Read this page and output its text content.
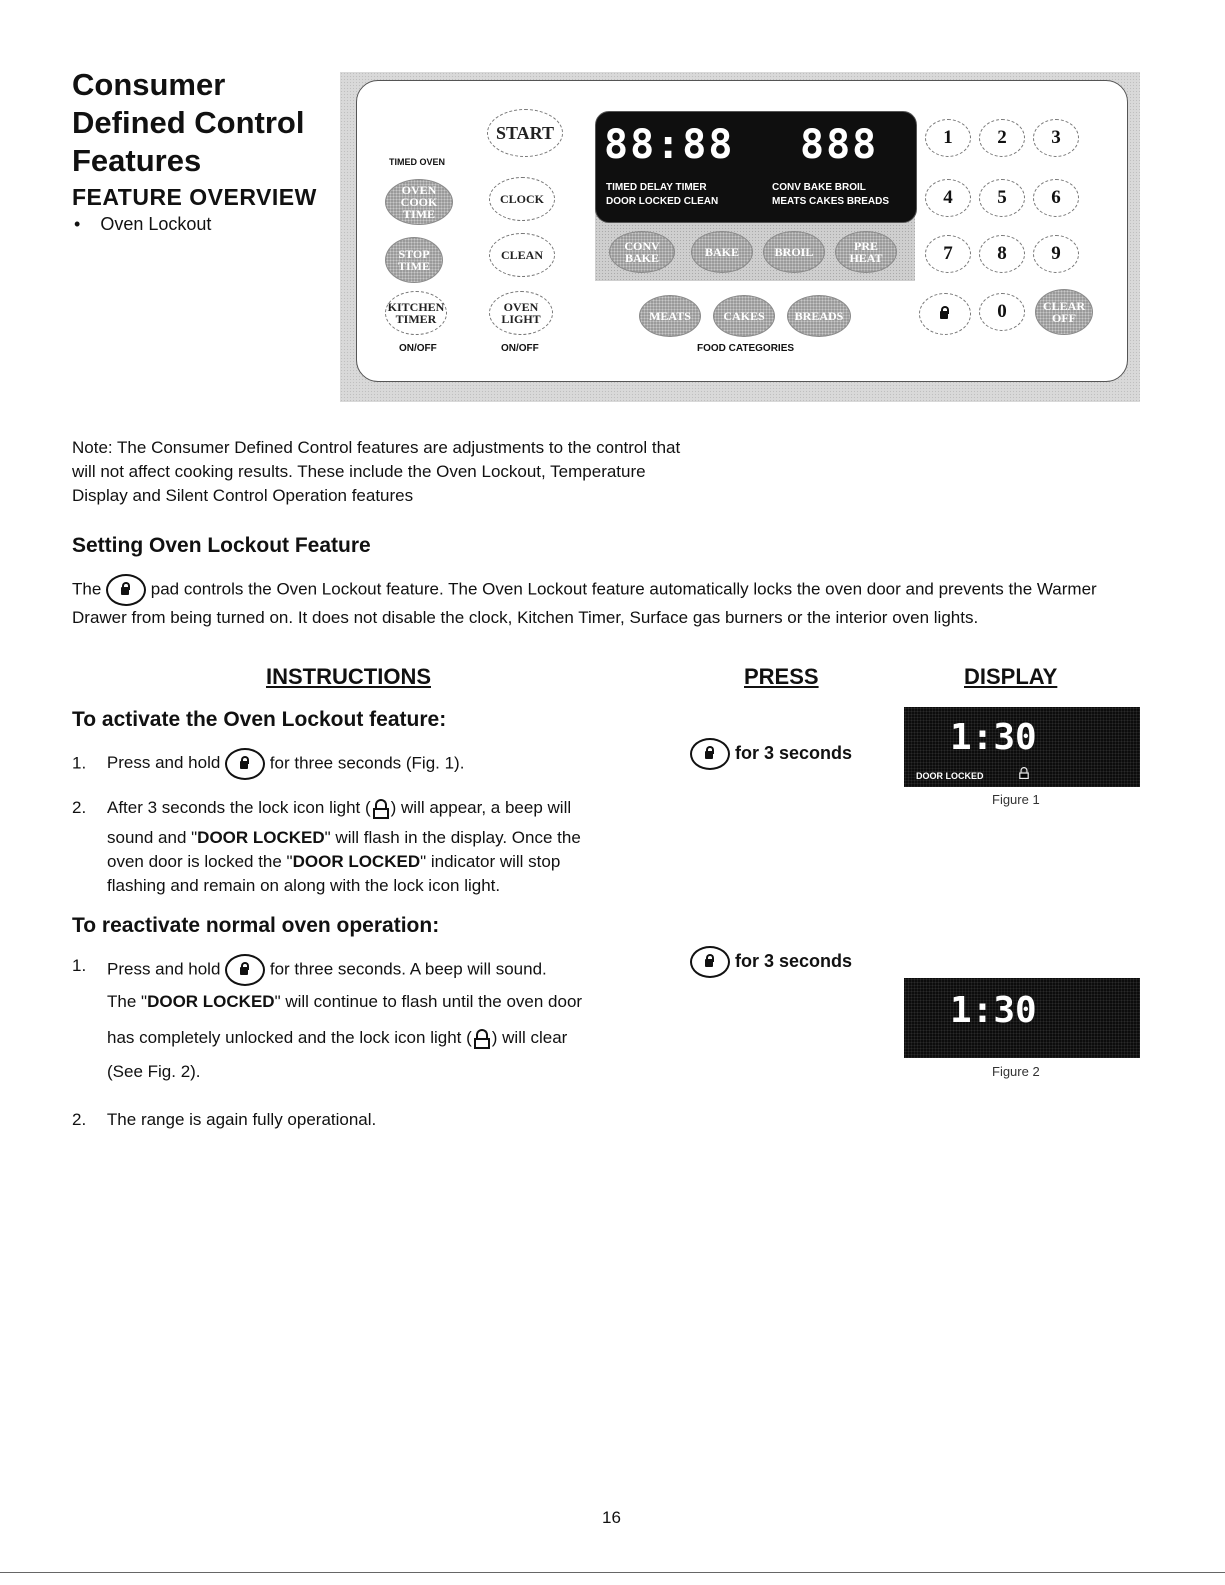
Consumer
Defined Control
Features
FEATURE OVERVIEW
• Oven Lockout
TIMED OVEN
OVEN COOK TIME
STOP TIME
KITCHEN TIMER
ON/OFF
START
CLOCK
CLEAN
OVEN LIGHT
ON/OFF
88:88 888
TIMED DELAY TIMER	CONV BAKE BROIL
DOOR LOCKED CLEAN	MEATS CAKES BREADS
CONV BAKE	BAKE	BROIL	PRE HEAT
MEATS	CAKES	BREADS
FOOD CATEGORIES
1	2	3
4	5	6
7	8	9
0	CLEAR OFF
Note: The Consumer Defined Control features are adjustments to the control that will not affect cooking results. These include the Oven Lockout, Temperature Display and Silent Control Operation features
Setting Oven Lockout Feature
The	pad controls the Oven Lockout feature. The Oven Lockout feature automatically locks the oven door and prevents the Warmer Drawer from being turned on. It does not disable the clock, Kitchen Timer, Surface gas burners or the interior oven lights.
INSTRUCTIONS	PRESS	DISPLAY
To activate the Oven Lockout feature:
1. Press and hold	for three seconds (Fig. 1).
2. After 3 seconds the lock icon light ( ) will appear, a beep will
sound and "DOOR LOCKED" will flash in the display. Once the
oven door is locked the "DOOR LOCKED" indicator will stop
flashing and remain on along with the lock icon light.
for 3 seconds	1:30
DOOR LOCKED
Figure 1
To reactivate normal oven operation:
1. Press and hold	for three seconds. A beep will sound.
The "DOOR LOCKED" will continue to flash until the oven door
has completely unlocked and the lock icon light ( ) will clear
(See Fig. 2).
for 3 seconds
1:30
Figure 2
2. The range is again fully operational.
16
